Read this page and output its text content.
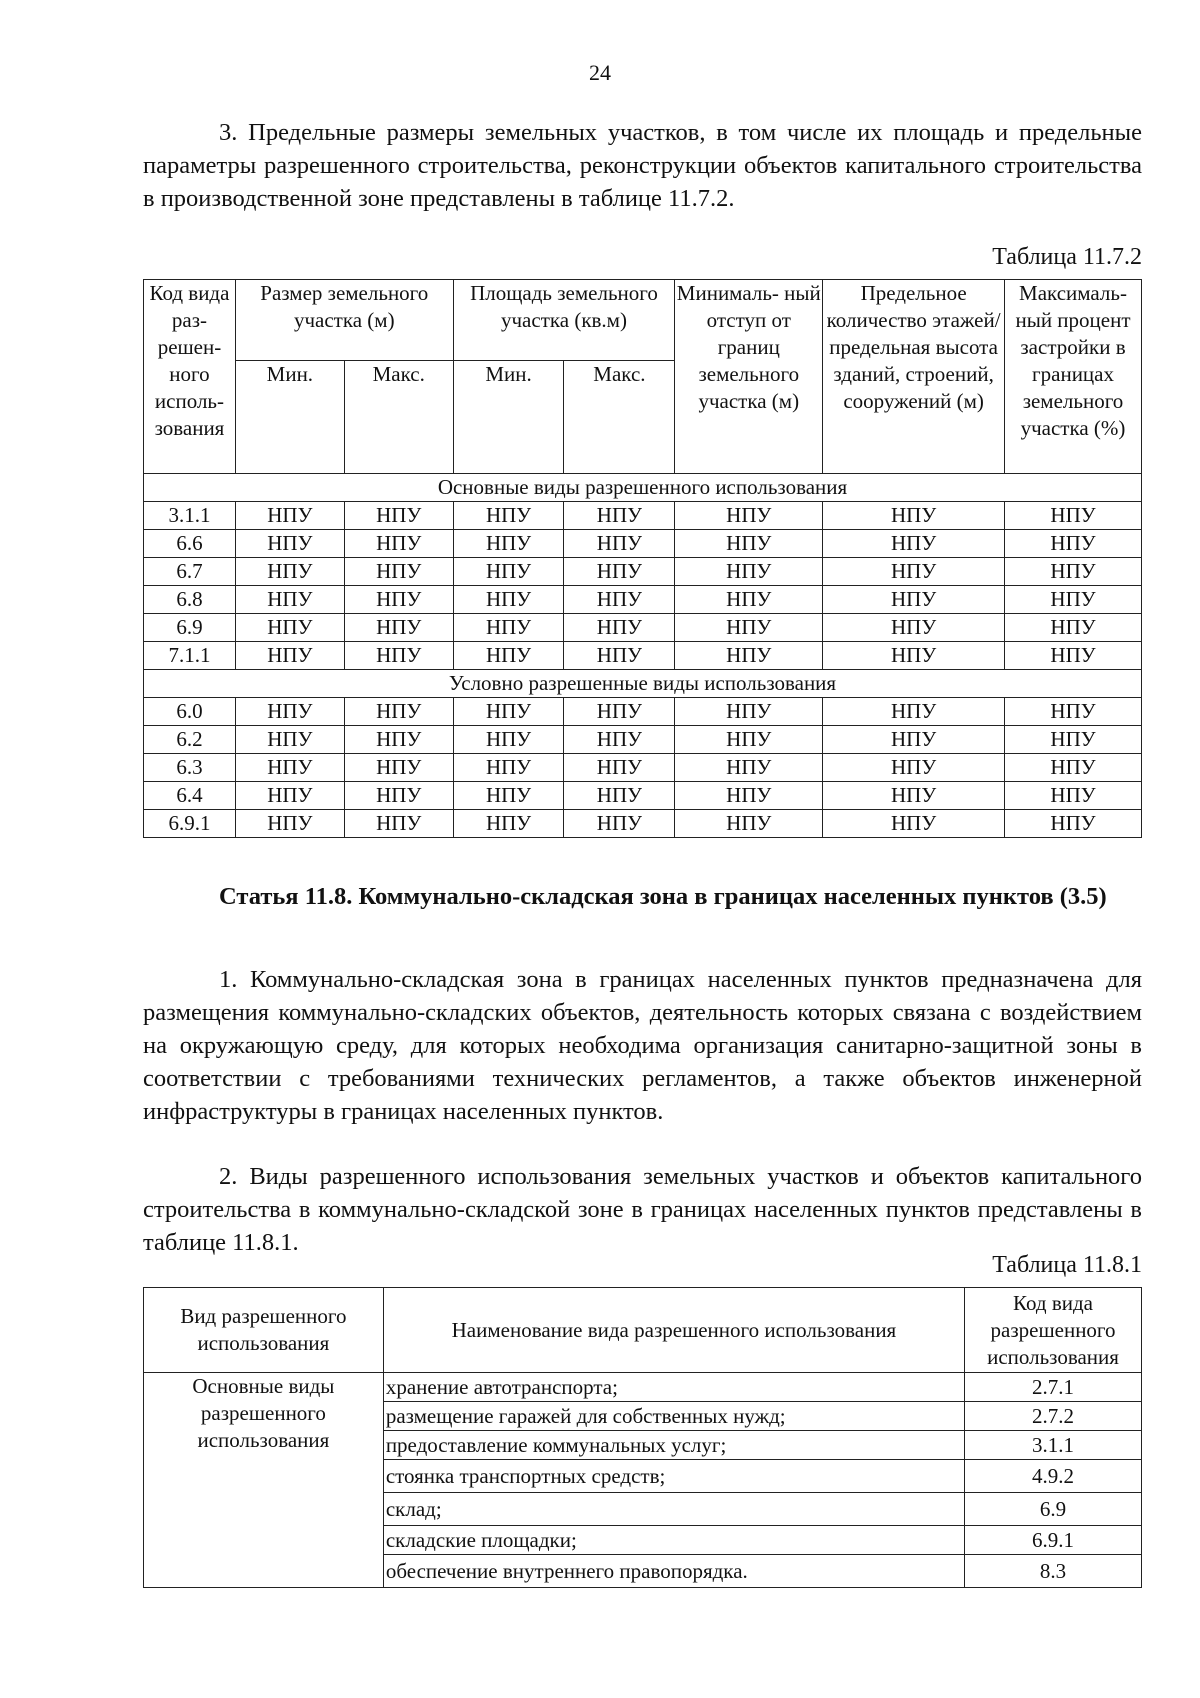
24

3. Предельные размеры земельных участков, в том числе их площадь и предельные параметры разрешенного строительства, реконструкции объектов капитального строительства в производственной зоне представлены в таблице 11.7.2.

Таблица 11.7.2
Код вида раз- решен- ного исполь- зования	Размер земельного участка (м)		Площадь земельного участка (кв.м)		Минималь- ный отступ от границ земельного участка (м)	Предельное количество этажей/ предельная высота зданий, строений, сооружений (м)	Максималь- ный процент застройки в границах земельного участка (%)
	Мин.	Макс.	Мин.	Макс.			
Основные виды разрешенного использования							
3.1.1	НПУ	НПУ	НПУ	НПУ	НПУ	НПУ	НПУ
6.6	НПУ	НПУ	НПУ	НПУ	НПУ	НПУ	НПУ
6.7	НПУ	НПУ	НПУ	НПУ	НПУ	НПУ	НПУ
6.8	НПУ	НПУ	НПУ	НПУ	НПУ	НПУ	НПУ
6.9	НПУ	НПУ	НПУ	НПУ	НПУ	НПУ	НПУ
7.1.1	НПУ	НПУ	НПУ	НПУ	НПУ	НПУ	НПУ
Условно разрешенные виды использования							
6.0	НПУ	НПУ	НПУ	НПУ	НПУ	НПУ	НПУ
6.2	НПУ	НПУ	НПУ	НПУ	НПУ	НПУ	НПУ
6.3	НПУ	НПУ	НПУ	НПУ	НПУ	НПУ	НПУ
6.4	НПУ	НПУ	НПУ	НПУ	НПУ	НПУ	НПУ
6.9.1	НПУ	НПУ	НПУ	НПУ	НПУ	НПУ	НПУ

Статья 11.8. Коммунально-складская зона в границах населенных пунктов (3.5)

1. Коммунально-складская зона в границах населенных пунктов предназначена для размещения коммунально-складских объектов, деятельность которых связана с воздействием на окружающую среду, для которых необходима организация санитарно-защитной зоны в соответствии с требованиями технических регламентов, а также объектов инженерной инфраструктуры в границах населенных пунктов.

2. Виды разрешенного использования земельных участков и объектов капитального строительства в коммунально-складской зоне в границах населенных пунктов представлены в таблице 11.8.1.

Таблица 11.8.1
Вид разрешенного использования	Наименование вида разрешенного использования	Код вида разрешенного использования
Основные виды разрешенного использования	хранение автотранспорта;	2.7.1
	размещение гаражей для собственных нужд;	2.7.2
	предоставление коммунальных услуг;	3.1.1
	стоянка транспортных средств;	4.9.2
	склад;	6.9
	складские площадки;	6.9.1
	обеспечение внутреннего правопорядка.	8.3
